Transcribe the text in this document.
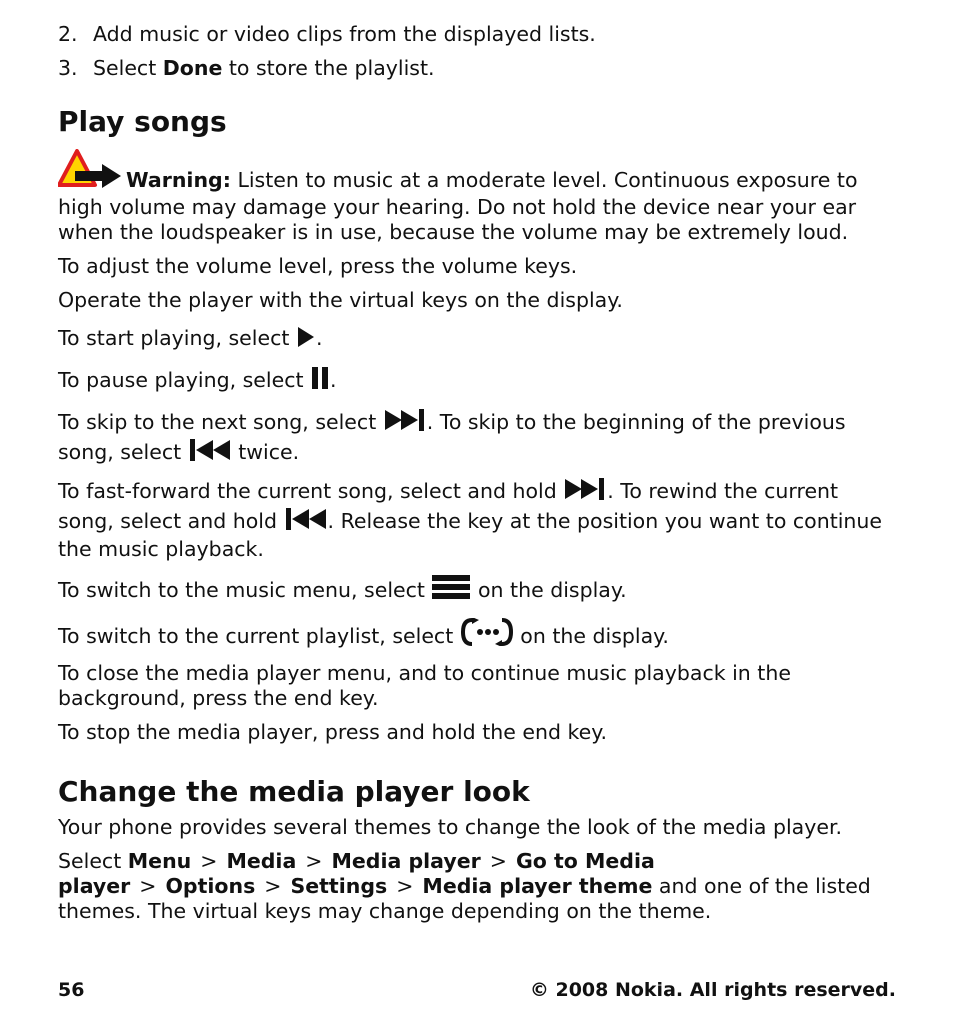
2. Add music or video clips from the displayed lists.
3. Select Done to store the playlist.
Play songs

Warning: Listen to music at a moderate level. Continuous exposure to high volume may damage your hearing. Do not hold the device near your ear when the loudspeaker is in use, because the volume may be extremely loud.

To adjust the volume level, press the volume keys.

Operate the player with the virtual keys on the display.

To start playing, select .

To pause playing, select .

To skip to the next song, select . To skip to the beginning of the previous song, select  twice.

To fast-forward the current song, select and hold . To rewind the current song, select and hold . Release the key at the position you want to continue the music playback.

To switch to the music menu, select  on the display.

To switch to the current playlist, select	on the display.

To close the media player menu, and to continue music playback in the background, press the end key.

To stop the media player, press and hold the end key.

Change the media player look

Your phone provides several themes to change the look of the media player.

Select Menu > Media > Media player > Go to Media player > Options > Settings > Media player theme and one of the listed themes. The virtual keys may change depending on the theme.

56	© 2008 Nokia. All rights reserved.
